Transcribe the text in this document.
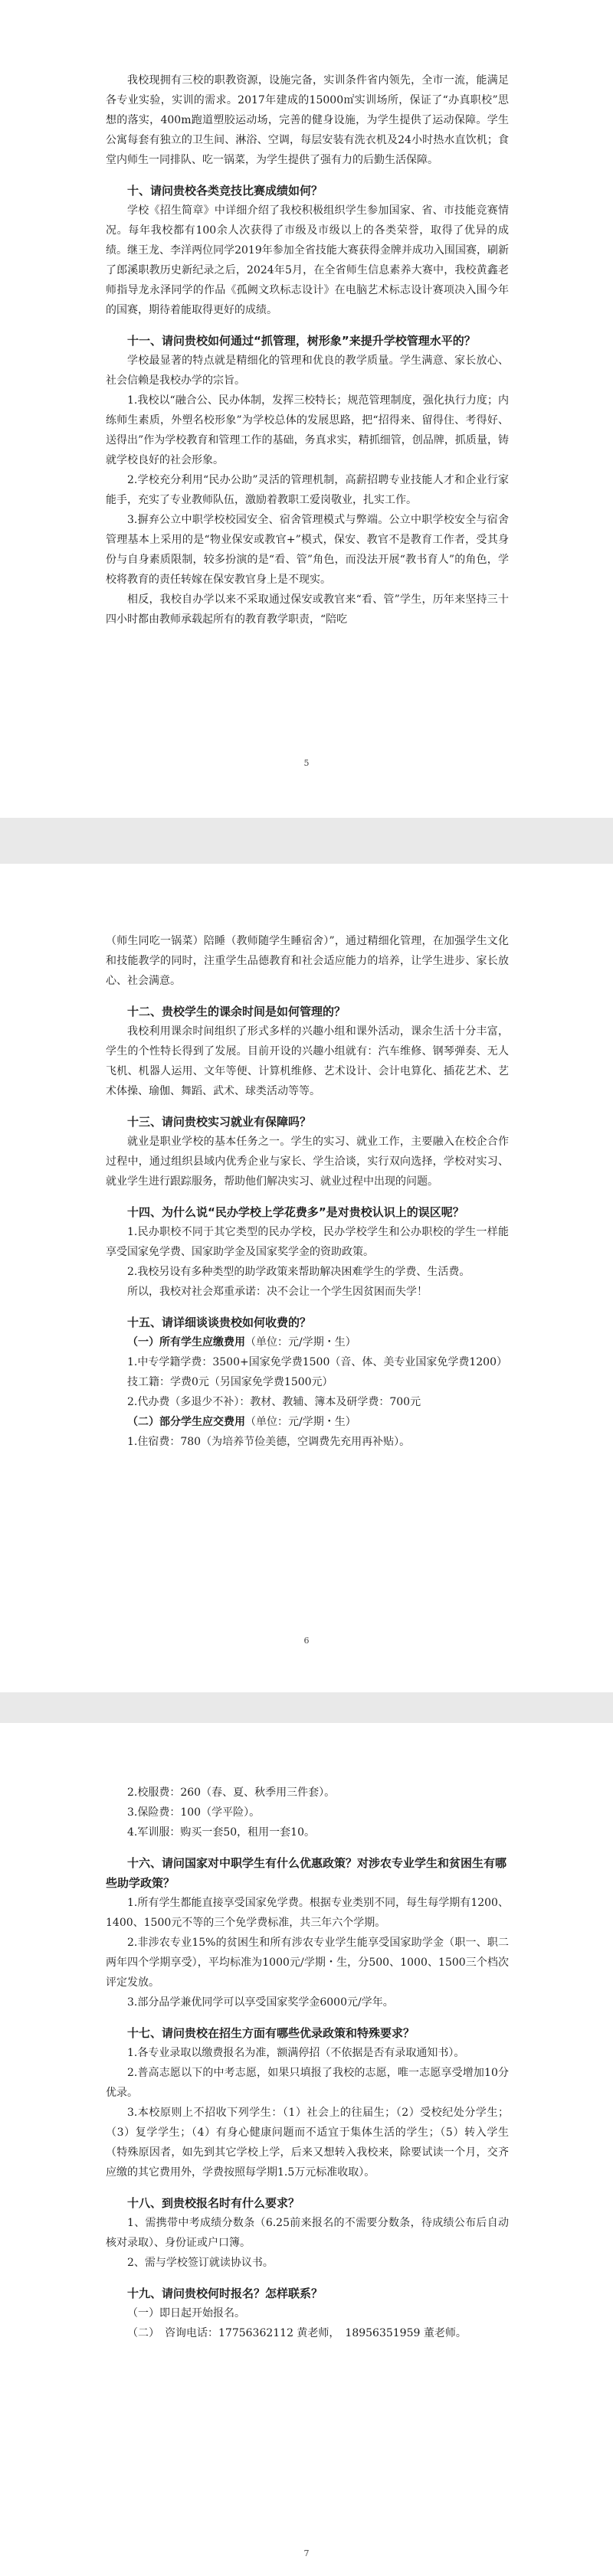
我校现拥有三校的职教资源，设施完备，实训条件省内领先，全市一流，能满足各专业实验，实训的需求。2017年建成的15000㎡实训场所，保证了“办真职校”思想的落实，400m跑道塑胶运动场，完善的健身设施，为学生提供了运动保障。学生公寓每套有独立的卫生间、淋浴、空调，每层安装有洗衣机及24小时热水直饮机；食堂内师生一同排队、吃一锅菜，为学生提供了强有力的后勤生活保障。

十、请问贵校各类竞技比赛成绩如何？

学校《招生简章》中详细介绍了我校积极组织学生参加国家、省、市技能竞赛情况。每年我校都有100余人次获得了市级及市级以上的各类荣誉，取得了优异的成绩。继王龙、李洋两位同学2019年参加全省技能大赛获得金牌并成功入围国赛，刷新了郎溪职教历史新纪录之后，2024年5月，在全省师生信息素养大赛中，我校黄鑫老师指导龙永泽同学的作品《孤阙文玖标志设计》在电脑艺术标志设计赛项决入围今年的国赛，期待着能取得更好的成绩。

十一、请问贵校如何通过“抓管理，树形象”来提升学校管理水平的？

学校最显著的特点就是精细化的管理和优良的教学质量。学生满意、家长放心、社会信赖是我校办学的宗旨。

1.我校以“融合公、民办体制，发挥三校特长；规范管理制度，强化执行力度；内练师生素质，外塑名校形象”为学校总体的发展思路，把“招得来、留得住、考得好、送得出”作为学校教育和管理工作的基础，务真求实，精抓细管，创品牌，抓质量，铸就学校良好的社会形象。

2.学校充分利用“民办公助”灵活的管理机制，高薪招聘专业技能人才和企业行家能手，充实了专业教师队伍，激励着教职工爱岗敬业，扎实工作。

3.摒弃公立中职学校校园安全、宿舍管理模式与弊端。公立中职学校安全与宿舍管理基本上采用的是“物业保安或教官+”模式，保安、教官不是教育工作者，受其身份与自身素质限制，较多扮演的是“看、管”角色，而没法开展“教书育人”的角色，学校将教育的责任转嫁在保安教官身上是不现实。

相反，我校自办学以来不采取通过保安或教官来“看、管”学生，历年来坚持三十四小时都由教师承载起所有的教育教学职责，“陪吃

5

（师生同吃一锅菜）陪睡（教师随学生睡宿舍）”，通过精细化管理，在加强学生文化和技能教学的同时，注重学生品德教育和社会适应能力的培养，让学生进步、家长放心、社会满意。

十二、贵校学生的课余时间是如何管理的？

我校利用课余时间组织了形式多样的兴趣小组和课外活动，课余生活十分丰富，学生的个性特长得到了发展。目前开设的兴趣小组就有：汽车维修、钢琴弹奏、无人飞机、机器人运用、文年等便、计算机维修、艺术设计、会计电算化、插花艺术、艺术体操、瑜伽、舞蹈、武术、球类活动等等。

十三、请问贵校实习就业有保障吗？

就业是职业学校的基本任务之一。学生的实习、就业工作，主要融入在校企合作过程中，通过组织县域内优秀企业与家长、学生洽谈，实行双向选择，学校对实习、就业学生进行跟踪服务，帮助他们解决实习、就业过程中出现的问题。

十四、为什么说“民办学校上学花费多”是对贵校认识上的误区呢？

1.民办职校不同于其它类型的民办学校，民办学校学生和公办职校的学生一样能享受国家免学费、国家助学金及国家奖学金的资助政策。

2.我校另设有多种类型的助学政策来帮助解决困难学生的学费、生活费。

所以，我校对社会郑重承诺：决不会让一个学生因贫困而失学！

十五、请详细谈谈贵校如何收费的？
（一）所有学生应缴费用（单位：元/学期・生）

1.中专学籍学费：3500+国家免学费1500（音、体、美专业国家免学费1200）

技工籍：学费0元（另国家免学费1500元）

2.代办费（多退少不补）：教材、教辅、簿本及研学费：700元

（二）部分学生应交费用（单位：元/学期・生）

1.住宿费：780（为培养节俭美德，空调费先充用再补贴）。

6

2.校服费：260（春、夏、秋季用三件套）。

3.保险费：100（学平险）。

4.军训服：购买一套50，租用一套10。

十六、请问国家对中职学生有什么优惠政策？对涉农专业学生和贫困生有哪些助学政策？

1.所有学生都能直接享受国家免学费。根据专业类别不同，每生每学期有1200、1400、1500元不等的三个免学费标准，共三年六个学期。

2.非涉农专业15%的贫困生和所有涉农专业学生能享受国家助学金（职一、职二两年四个学期享受），平均标准为1000元/学期・生，分500、1000、1500三个档次评定发放。

3.部分品学兼优同学可以享受国家奖学金6000元/学年。

十七、请问贵校在招生方面有哪些优录政策和特殊要求？

1.各专业录取以缴费报名为准，额满停招（不依据是否有录取通知书）。

2.普高志愿以下的中考志愿，如果只填报了我校的志愿，唯一志愿享受增加10分优录。

3.本校原则上不招收下列学生：（1）社会上的往届生；（2）受校纪处分学生；（3）复学学生；（4）有身心健康问题而不适宜于集体生活的学生；（5）转入学生（特殊原因者，如先到其它学校上学，后来又想转入我校来，除要试读一个月，交齐应缴的其它费用外，学费按照每学期1.5万元标准收取）。

十八、到贵校报名时有什么要求？

1、需携带中考成绩分数条（6.25前来报名的不需要分数条，待成绩公布后自动核对录取）、身份证或户口簿。

2、需与学校签订就读协议书。

十九、请问贵校何时报名？怎样联系？

（一）即日起开始报名。

（二）　咨询电话：17756362112 黄老师，　18956351959 董老师。

7
